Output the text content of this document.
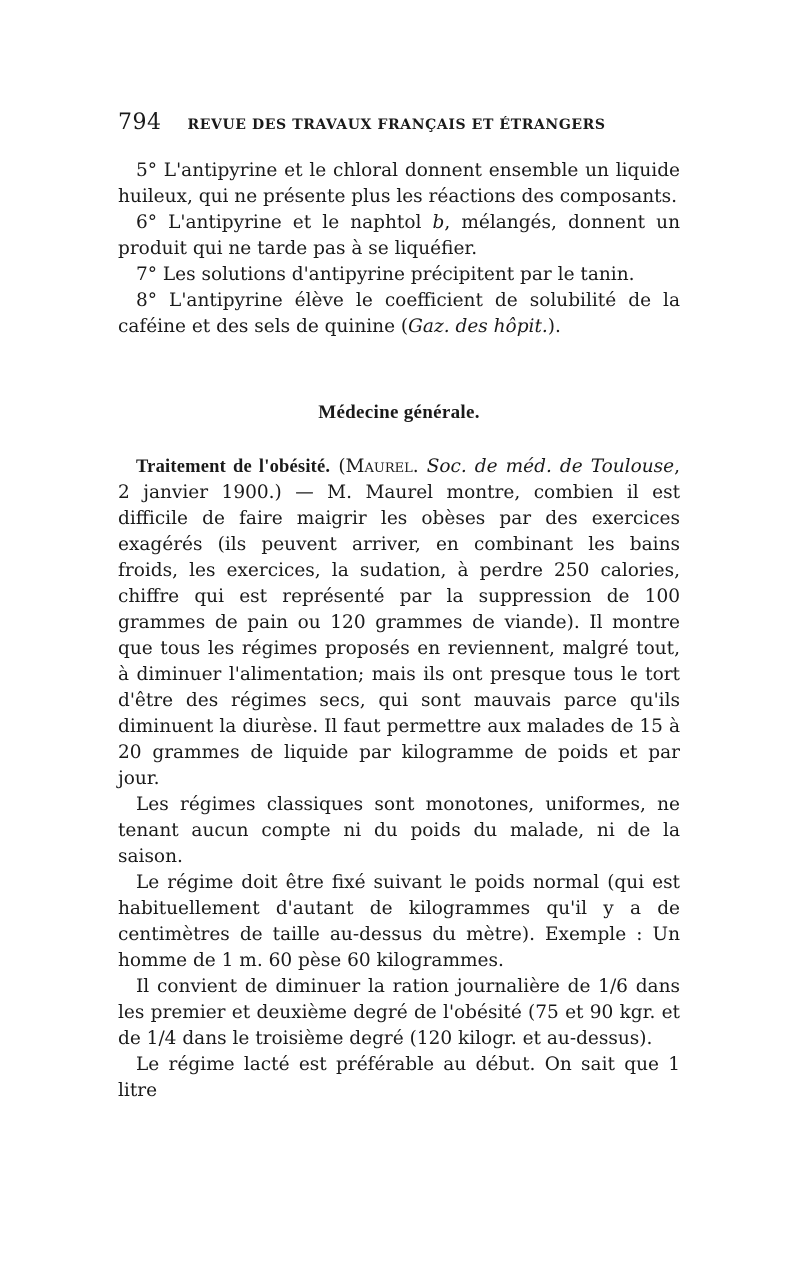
794 REVUE DES TRAVAUX FRANÇAIS ET ÉTRANGERS

5° L'antipyrine et le chloral donnent ensemble un liquide huileux, qui ne présente plus les réactions des composants.

6° L'antipyrine et le naphtol b, mélangés, donnent un produit qui ne tarde pas à se liquéfier.

7° Les solutions d'antipyrine précipitent par le tanin.

8° L'antipyrine élève le coefficient de solubilité de la caféine et des sels de quinine (Gaz. des hôpit.).

Médecine générale.

Traitement de l'obésité. (Maurel. Soc. de méd. de Toulouse, 2 janvier 1900.) — M. Maurel montre, combien il est difficile de faire maigrir les obèses par des exercices exagérés (ils peuvent arriver, en combinant les bains froids, les exercices, la sudation, à perdre 250 calories, chiffre qui est représenté par la suppression de 100 grammes de pain ou 120 grammes de viande). Il montre que tous les régimes proposés en reviennent, malgré tout, à diminuer l'alimentation; mais ils ont presque tous le tort d'être des régimes secs, qui sont mauvais parce qu'ils diminuent la diurèse. Il faut permettre aux malades de 15 à 20 grammes de liquide par kilogramme de poids et par jour.

Les régimes classiques sont monotones, uniformes, ne tenant aucun compte ni du poids du malade, ni de la saison.

Le régime doit être fixé suivant le poids normal (qui est habituellement d'autant de kilogrammes qu'il y a de centimètres de taille au-dessus du mètre). Exemple : Un homme de 1 m. 60 pèse 60 kilogrammes.

Il convient de diminuer la ration journalière de 1/6 dans les premier et deuxième degré de l'obésité (75 et 90 kgr. et de 1/4 dans le troisième degré (120 kilogr. et au-dessus).

Le régime lacté est préférable au début. On sait que 1 litre
